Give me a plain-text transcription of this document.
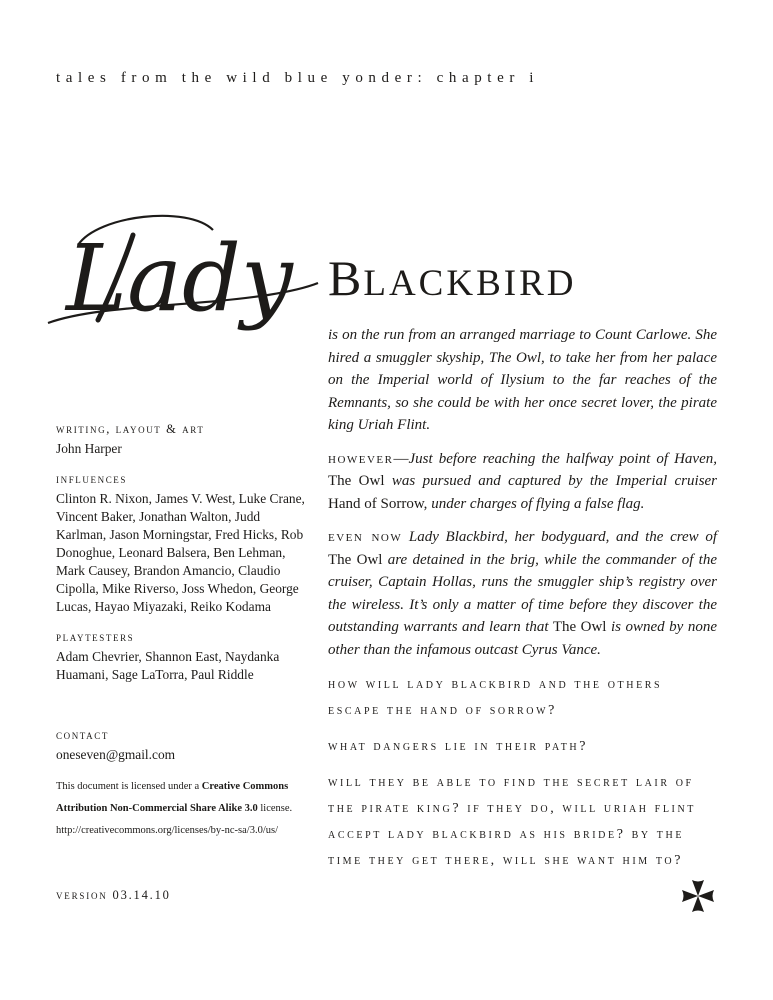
tales from the wild blue yonder: chapter i
Lady BLACKBIRD

is on the run from an arranged marriage to Count Carlowe. She hired a smuggler skyship, The Owl, to take her from her palace on the Imperial world of Ilysium to the far reaches of the Remnants, so she could be with her once secret lover, the pirate king Uriah Flint.

however—Just before reaching the halfway point of Haven, The Owl was pursued and captured by the Imperial cruiser Hand of Sorrow, under charges of flying a false flag.

even now Lady Blackbird, her bodyguard, and the crew of The Owl are detained in the brig, while the commander of the cruiser, Captain Hollas, runs the smuggler ship’s registry over the wireless. It’s only a matter of time before they discover the outstanding warrants and learn that The Owl is owned by none other than the infamous outcast Cyrus Vance.

how will lady blackbird and the others escape the hand of sorrow?

what dangers lie in their path?

will they be able to find the secret lair of the pirate king? if they do, will uriah flint accept lady blackbird as his bride? by the time they get there, will she want him to?

writing, layout & art
John Harper
influences
Clinton R. Nixon, James V. West, Luke Crane, Vincent Baker, Jonathan Walton, Judd Karlman, Jason Morningstar, Fred Hicks, Rob Donoghue, Leonard Balsera, Ben Lehman, Mark Causey, Brandon Amancio, Claudio Cipolla, Mike Riverso, Joss Whedon, George Lucas, Hayao Miyazaki, Reiko Kodama
playtesters
Adam Chevrier, Shannon East, Naydanka Huamani, Sage LaTorra, Paul Riddle
contact
oneseven@gmail.com
This document is licensed under a Creative Commons Attribution Non-Commercial Share Alike 3.0 license.
http://creativecommons.org/licenses/by-nc-sa/3.0/us/
version 03.14.10
